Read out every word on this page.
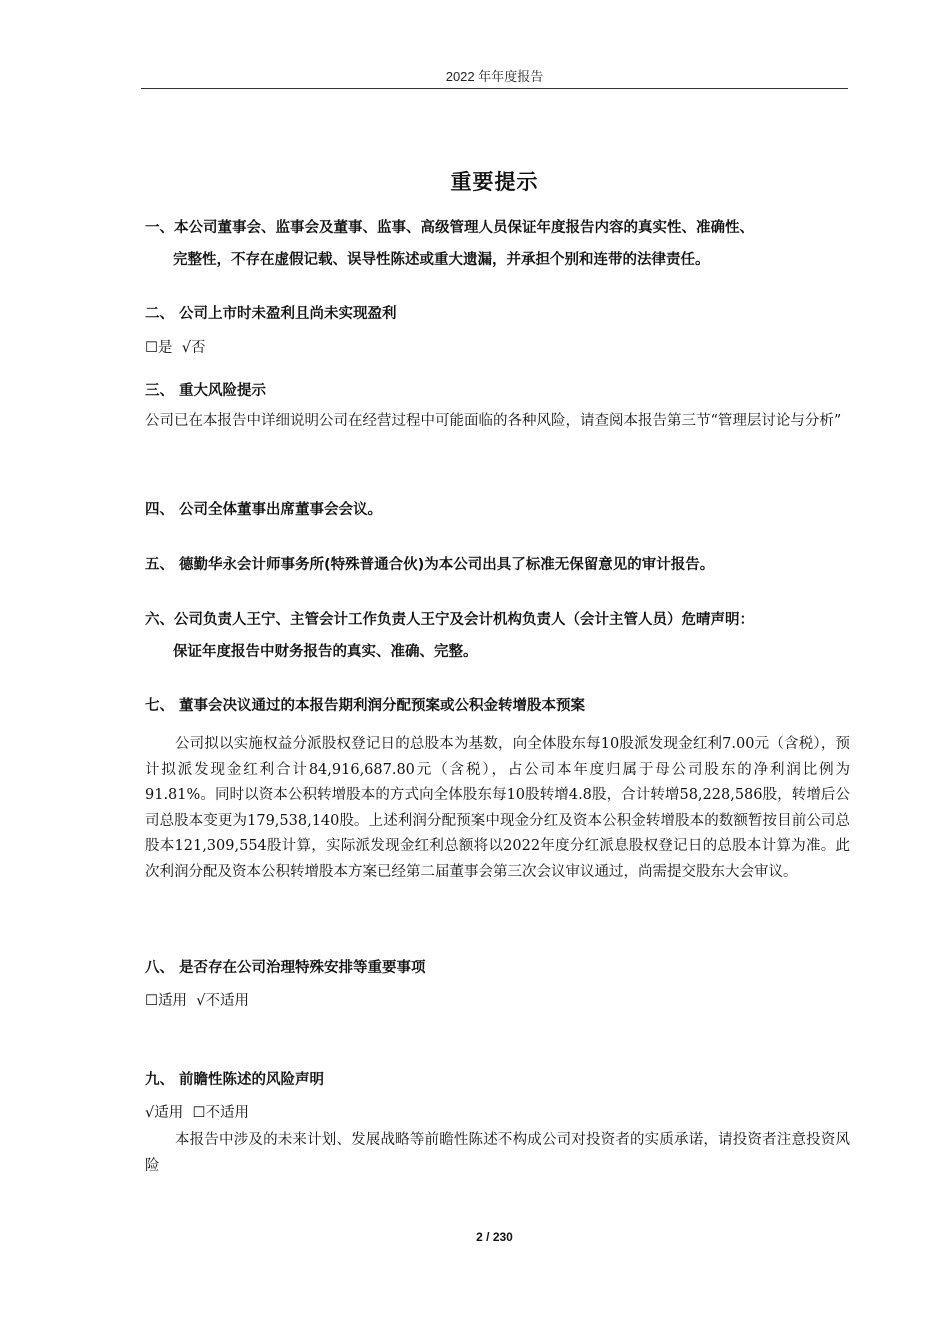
2022 年年度报告
重要提示
一、本公司董事会、监事会及董事、监事、高级管理人员保证年度报告内容的真实性、准确性、
完整性，不存在虚假记载、误导性陈述或重大遗漏，并承担个别和连带的法律责任。
二、 公司上市时未盈利且尚未实现盈利
☐是  √否
三、 重大风险提示
公司已在本报告中详细说明公司在经营过程中可能面临的各种风险，请查阅本报告第三节“管理层讨论与分析”
四、 公司全体董事出席董事会会议。
五、 德勤华永会计师事务所(特殊普通合伙)为本公司出具了标准无保留意见的审计报告。
六、公司负责人王宁、主管会计工作负责人王宁及会计机构负责人（会计主管人员）危晴声明：
保证年度报告中财务报告的真实、准确、完整。
七、 董事会决议通过的本报告期利润分配预案或公积金转增股本预案
公司拟以实施权益分派股权登记日的总股本为基数，向全体股东每10股派发现金红利7.00元（含税），预计拟派发现金红利合计84,916,687.80元（含税），占公司本年度归属于母公司股东的净利润比例为91.81%。同时以资本公积转增股本的方式向全体股东每10股转增4.8股，合计转增58,228,586股，转增后公司总股本变更为179,538,140股。上述利润分配预案中现金分红及资本公积金转增股本的数额暂按目前公司总股本121,309,554股计算，实际派发现金红利总额将以2022年度分红派息股权登记日的总股本计算为准。此次利润分配及资本公积转增股本方案已经第二届董事会第三次会议审议通过，尚需提交股东大会审议。
八、 是否存在公司治理特殊安排等重要事项
☐适用  √不适用
九、 前瞻性陈述的风险声明
√适用  ☐不适用
本报告中涉及的未来计划、发展战略等前瞻性陈述不构成公司对投资者的实质承诺，请投资者注意投资风险
2 / 230
